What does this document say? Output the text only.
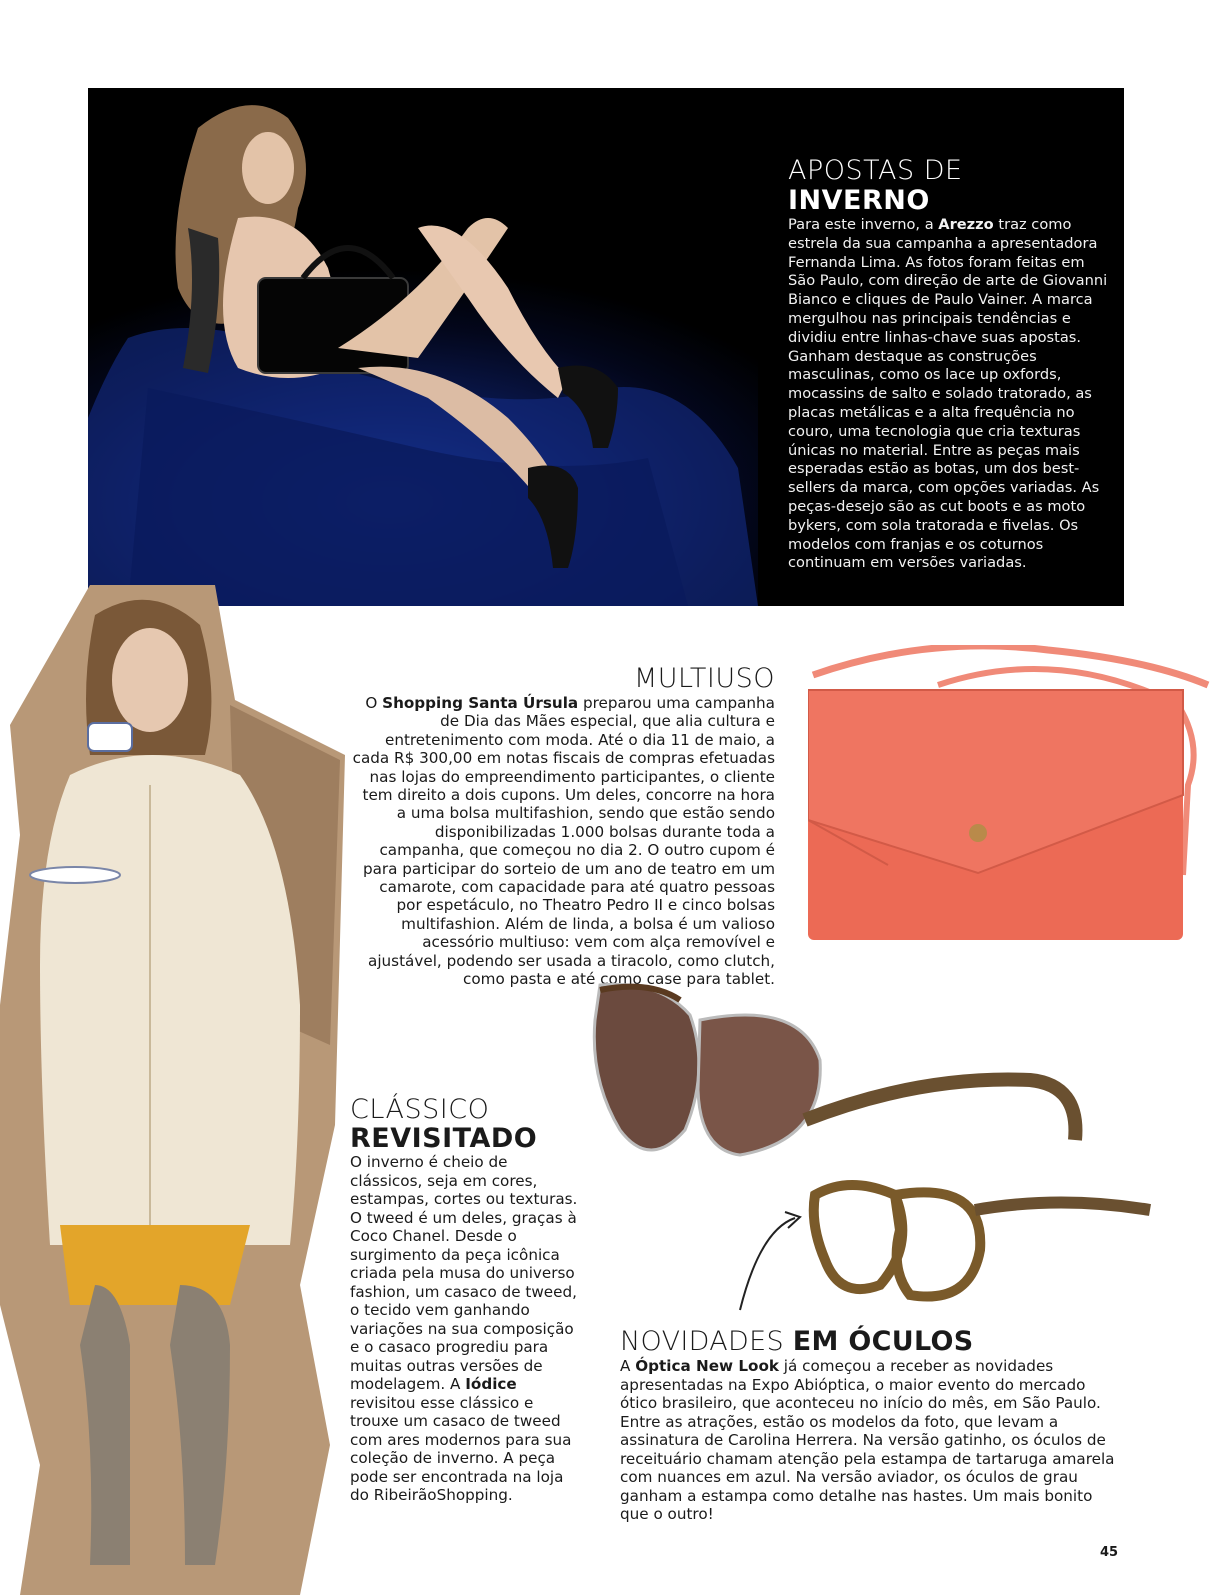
APOSTAS DE INVERNO

Para este inverno, a Arezzo traz como estrela da sua campanha a apresentadora Fernanda Lima. As fotos foram feitas em São Paulo, com direção de arte de Giovanni Bianco e cliques de Paulo Vainer. A marca mergulhou nas principais tendências e dividiu entre linhas-chave suas apostas. Ganham destaque as construções masculinas, como os lace up oxfords, mocassins de salto e solado tratorado, as placas metálicas e a alta frequência no couro, uma tecnologia que cria texturas únicas no material. Entre as peças mais esperadas estão as botas, um dos best-sellers da marca, com opções variadas. As peças-desejo são as cut boots e as moto bykers, com sola tratorada e fivelas. Os modelos com franjas e os coturnos continuam em versões variadas.

MULTIUSO

O Shopping Santa Úrsula preparou uma campanha de Dia das Mães especial, que alia cultura e entretenimento com moda. Até o dia 11 de maio, a cada R$ 300,00 em notas fiscais de compras efetuadas nas lojas do empreendimento participantes, o cliente tem direito a dois cupons. Um deles, concorre na hora a uma bolsa multifashion, sendo que estão sendo disponibilizadas 1.000 bolsas durante toda a campanha, que começou no dia 2. O outro cupom é para participar do sorteio de um ano de teatro em um camarote, com capacidade para até quatro pessoas por espetáculo, no Theatro Pedro II e cinco bolsas multifashion. Além de linda, a bolsa é um valioso acessório multiuso: vem com alça removível e ajustável, podendo ser usada a tiracolo, como clutch, como pasta e até como case para tablet.

CLÁSSICO
REVISITADO

O inverno é cheio de clássicos, seja em cores, estampas, cortes ou texturas. O tweed é um deles, graças à Coco Chanel. Desde o surgimento da peça icônica criada pela musa do universo fashion, um casaco de tweed, o tecido vem ganhando variações na sua composição e o casaco progrediu para muitas outras versões de modelagem. A Iódice revisitou esse clássico e trouxe um casaco de tweed com ares modernos para sua coleção de inverno. A peça pode ser encontrada na loja do RibeirãoShopping.

NOVIDADES EM ÓCULOS

A Óptica New Look já começou a receber as novidades apresentadas na Expo Abióptica, o maior evento do mercado ótico brasileiro, que aconteceu no início do mês, em São Paulo. Entre as atrações, estão os modelos da foto, que levam a assinatura de Carolina Herrera. Na versão gatinho, os óculos de receituário chamam atenção pela estampa de tartaruga amarela com nuances em azul. Na versão aviador, os óculos de grau ganham a estampa como detalhe nas hastes. Um mais bonito que o outro!

45
